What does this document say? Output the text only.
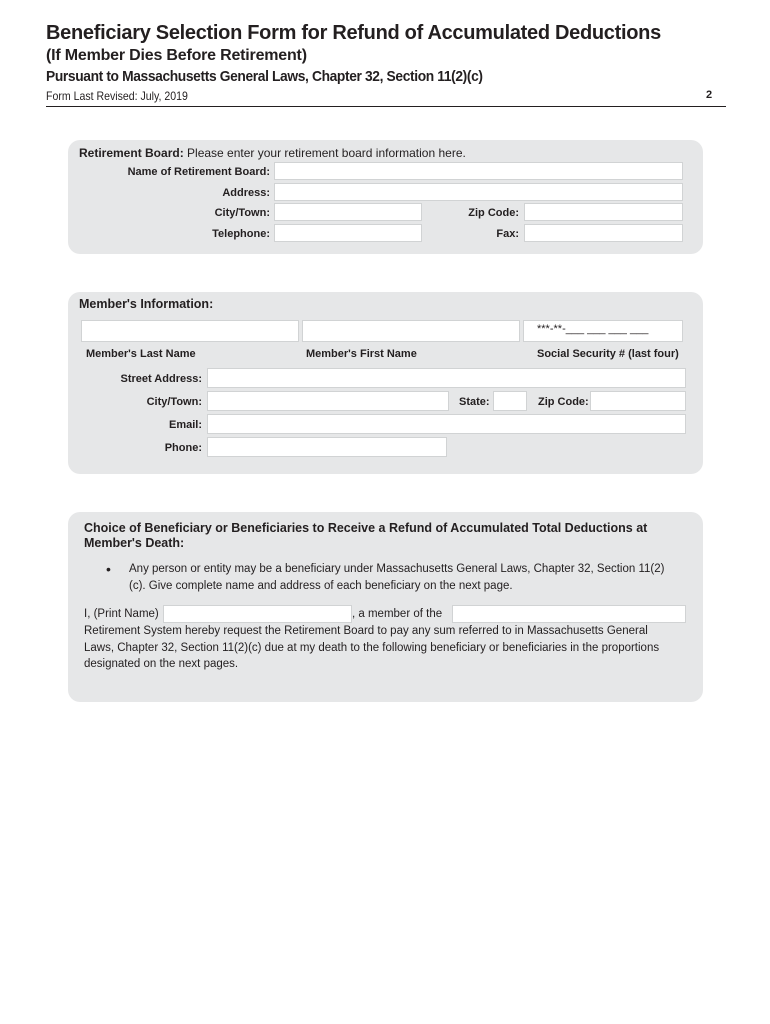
Beneficiary Selection Form for Refund of Accumulated Deductions
(If Member Dies Before Retirement)
Pursuant to Massachusetts General Laws, Chapter 32, Section 11(2)(c)
Form Last Revised: July, 2019	2
Retirement Board: Please enter your retirement board information here.
Name of Retirement Board:
Address:
City/Town:	Zip Code:
Telephone:	Fax:
Member's Information:
***-**-___ ___ ___ ___
Member's Last Name	Member's First Name	Social Security # (last four)
Street Address:
City/Town:	State:	Zip Code:
Email:
Phone:
Choice of Beneficiary or Beneficiaries to Receive a Refund of Accumulated Total Deductions at
Member's Death:
• Any person or entity may be a beneficiary under Massachusetts General Laws, Chapter 32, Section 11(2)
(c). Give complete name and address of each beneficiary on the next page.
I, (Print Name)	, a member of the
Retirement System hereby request the Retirement Board to pay any sum referred to in Massachusetts General
Laws, Chapter 32, Section 11(2)(c) due at my death to the following beneficiary or beneficiaries in the proportions
designated on the next pages.
